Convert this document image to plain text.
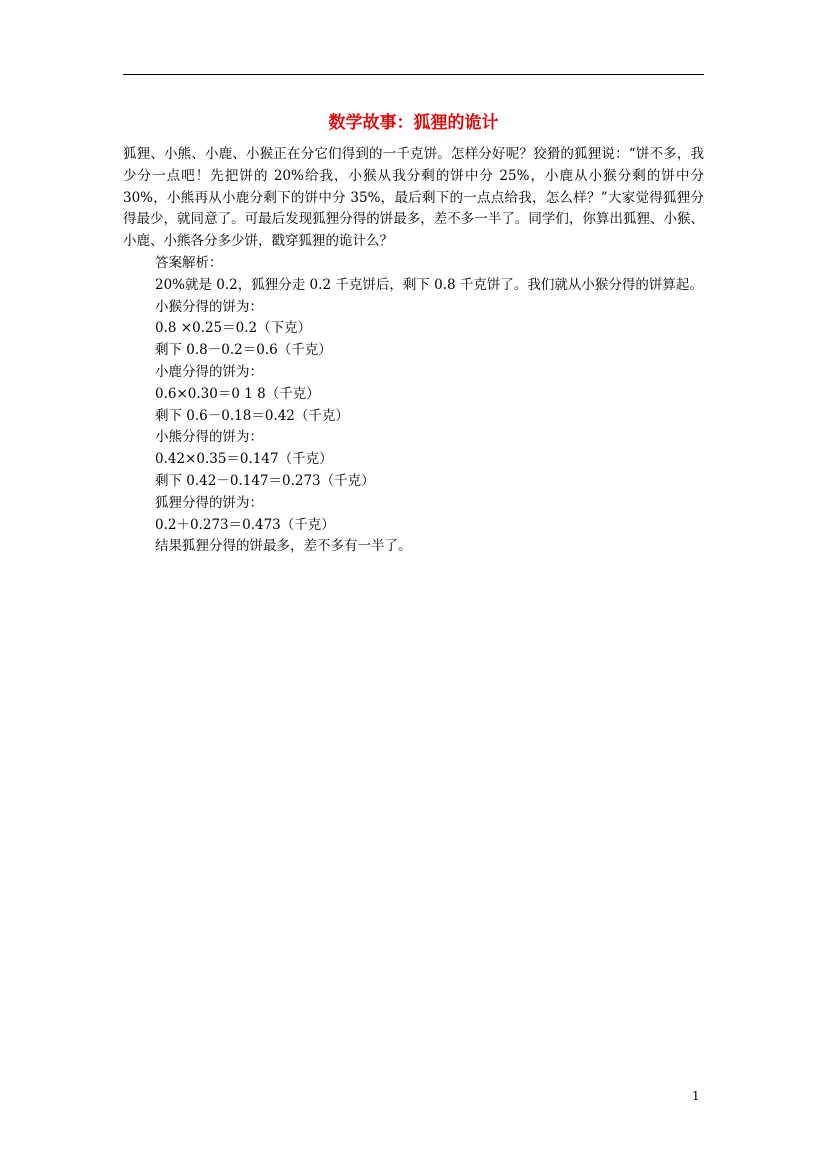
数学故事：狐狸的诡计

狐狸、小熊、小鹿、小猴正在分它们得到的一千克饼。怎样分好呢？狡猾的狐狸说：“饼不多，我少分一点吧！先把饼的 20%给我，小猴从我分剩的饼中分 25%，小鹿从小猴分剩的饼中分 30%，小熊再从小鹿分剩下的饼中分 35%，最后剩下的一点点给我，怎么样？”大家觉得狐狸分得最少，就同意了。可最后发现狐狸分得的饼最多，差不多一半了。同学们，你算出狐狸、小猴、小鹿、小熊各分多少饼，戳穿狐狸的诡计么？

答案解析：

20%就是 0.2，狐狸分走 0.2 千克饼后，剩下 0.8 千克饼了。我们就从小猴分得的饼算起。

小猴分得的饼为：

0.8 ×0.25＝0.2（下克）

剩下 0.8－0.2＝0.6（千克）

小鹿分得的饼为：

0.6×0.30＝0 1 8（千克）

剩下 0.6－0.18＝0.42（千克）

小熊分得的饼为：

0.42×0.35＝0.147（千克）

剩下 0.42－0.147＝0.273（千克）

狐狸分得的饼为：

0.2＋0.273＝0.473（千克）

结果狐狸分得的饼最多，差不多有一半了。

1
